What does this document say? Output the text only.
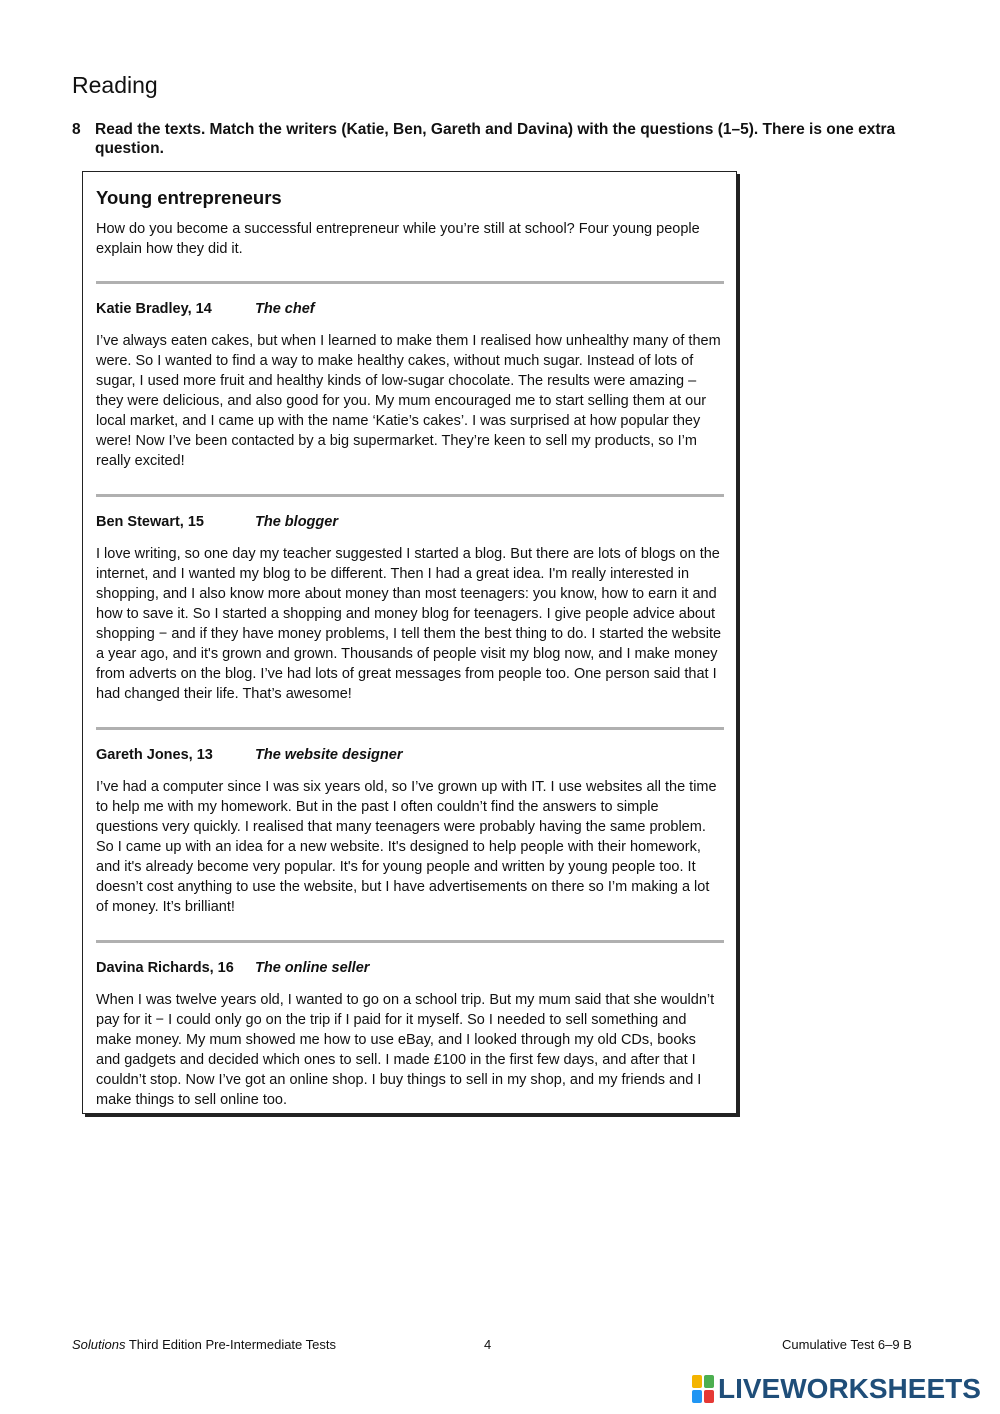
Reading
8 Read the texts. Match the writers (Katie, Ben, Gareth and Davina) with the questions (1–5). There is one extra question.
Young entrepreneurs

How do you become a successful entrepreneur while you’re still at school? Four young people explain how they did it.

Katie Bradley, 14	The chef

I’ve always eaten cakes, but when I learned to make them I realised how unhealthy many of them were. So I wanted to find a way to make healthy cakes, without much sugar. Instead of lots of sugar, I used more fruit and healthy kinds of low-sugar chocolate. The results were amazing – they were delicious, and also good for you. My mum encouraged me to start selling them at our local market, and I came up with the name ‘Katie’s cakes’. I was surprised at how popular they were! Now I’ve been contacted by a big supermarket. They’re keen to sell my products, so I’m really excited!

Ben Stewart, 15	The blogger

I love writing, so one day my teacher suggested I started a blog. But there are lots of blogs on the internet, and I wanted my blog to be different. Then I had a great idea. I'm really interested in shopping, and I also know more about money than most teenagers: you know, how to earn it and how to save it. So I started a shopping and money blog for teenagers. I give people advice about shopping − and if they have money problems, I tell them the best thing to do. I started the website a year ago, and it's grown and grown. Thousands of people visit my blog now, and I make money from adverts on the blog. I’ve had lots of great messages from people too. One person said that I had changed their life. That’s awesome!

Gareth Jones, 13	The website designer

I’ve had a computer since I was six years old, so I’ve grown up with IT. I use websites all the time to help me with my homework. But in the past I often couldn’t find the answers to simple questions very quickly. I realised that many teenagers were probably having the same problem. So I came up with an idea for a new website. It's designed to help people with their homework, and it's already become very popular. It's for young people and written by young people too. It doesn’t cost anything to use the website, but I have advertisements on there so I’m making a lot of money. It’s brilliant!

Davina Richards, 16	The online seller

When I was twelve years old, I wanted to go on a school trip. But my mum said that she wouldn’t pay for it − I could only go on the trip if I paid for it myself. So I needed to sell something and make money. My mum showed me how to use eBay, and I looked through my old CDs, books and gadgets and decided which ones to sell. I made £100 in the first few days, and after that I couldn’t stop. Now I’ve got an online shop. I buy things to sell in my shop, and my friends and I make things to sell online too.

Solutions Third Edition Pre-Intermediate Tests	4	Cumulative Test 6–9 B
LIVEWORKSHEETS
